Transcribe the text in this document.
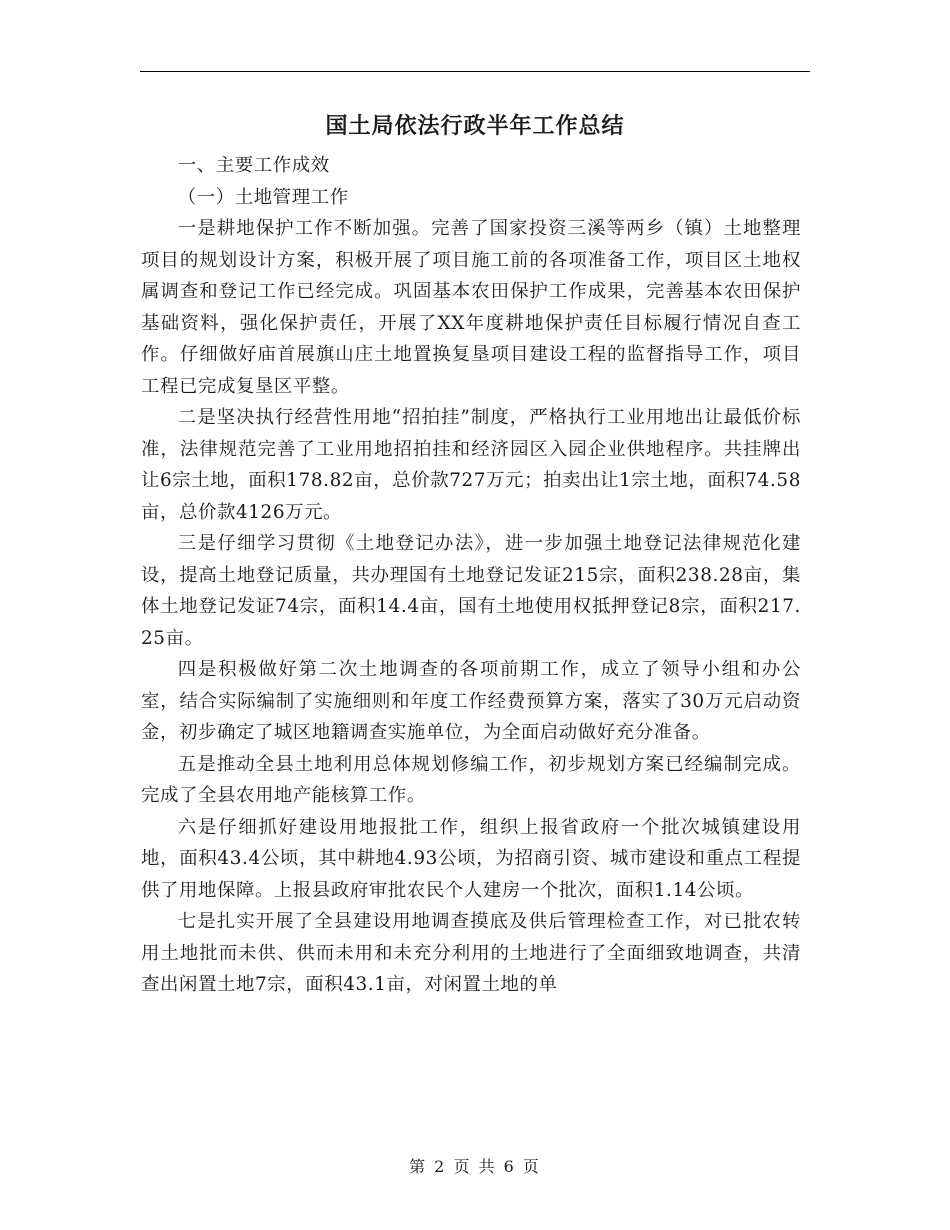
国土局依法行政半年工作总结

一、主要工作成效

（一）土地管理工作

一是耕地保护工作不断加强。完善了国家投资三溪等两乡（镇）土地整理项目的规划设计方案，积极开展了项目施工前的各项准备工作，项目区土地权属调查和登记工作已经完成。巩固基本农田保护工作成果，完善基本农田保护基础资料，强化保护责任，开展了XX年度耕地保护责任目标履行情况自查工作。仔细做好庙首展旗山庄土地置换复垦项目建设工程的监督指导工作，项目工程已完成复垦区平整。

二是坚决执行经营性用地“招拍挂”制度，严格执行工业用地出让最低价标准，法律规范完善了工业用地招拍挂和经济园区入园企业供地程序。共挂牌出让6宗土地，面积178.82亩，总价款727万元；拍卖出让1宗土地，面积74.58亩，总价款4126万元。

三是仔细学习贯彻《土地登记办法》，进一步加强土地登记法律规范化建设，提高土地登记质量，共办理国有土地登记发证215宗，面积238.28亩，集体土地登记发证74宗，面积14.4亩，国有土地使用权抵押登记8宗，面积217.25亩。

四是积极做好第二次土地调查的各项前期工作，成立了领导小组和办公室，结合实际编制了实施细则和年度工作经费预算方案，落实了30万元启动资金，初步确定了城区地籍调查实施单位，为全面启动做好充分准备。

五是推动全县土地利用总体规划修编工作，初步规划方案已经编制完成。完成了全县农用地产能核算工作。

六是仔细抓好建设用地报批工作，组织上报省政府一个批次城镇建设用地，面积43.4公顷，其中耕地4.93公顷，为招商引资、城市建设和重点工程提供了用地保障。上报县政府审批农民个人建房一个批次，面积1.14公顷。

七是扎实开展了全县建设用地调查摸底及供后管理检查工作，对已批农转用土地批而未供、供而未用和未充分利用的土地进行了全面细致地调查，共清查出闲置土地7宗，面积43.1亩，对闲置土地的单

第 2 页 共 6 页
